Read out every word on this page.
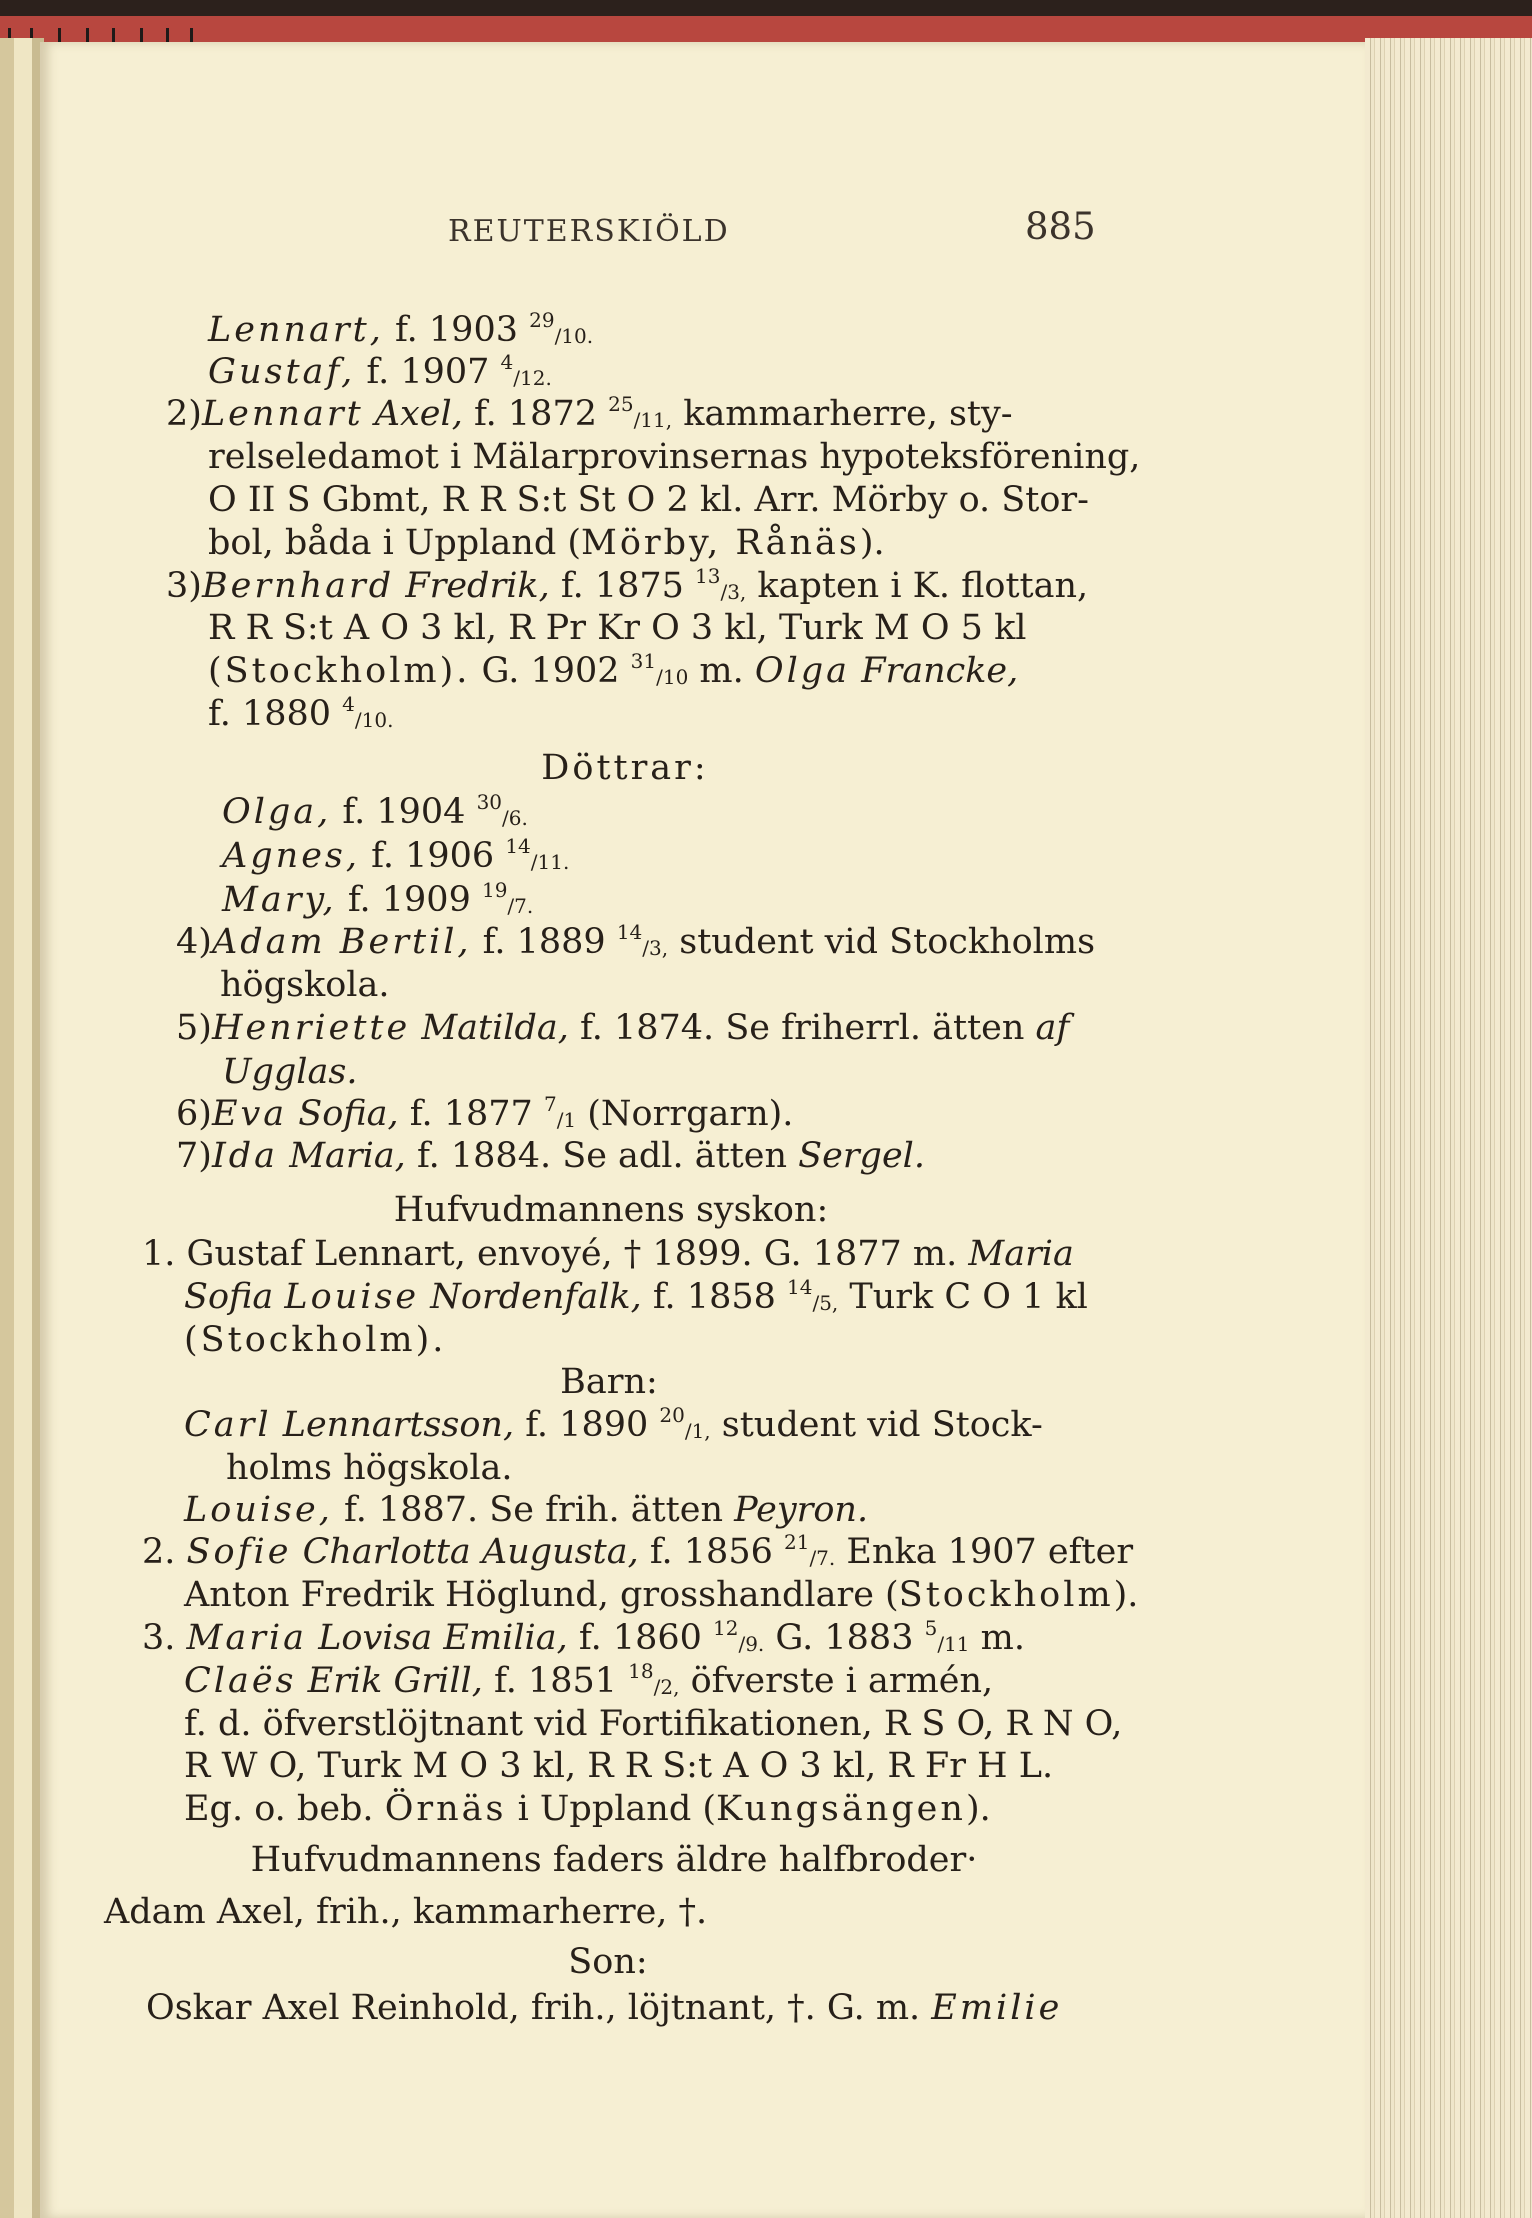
REUTERSKIÖLD	885
Lennart, f. 1903 $^{29}_{/10.}$
Gustaf, f. 1907 $^4_{/12.}$
2)Lennart Axel, f. 1872 $^{25}_{/11,}$ kammarherre, sty-
relseledamot i Mälarprovinsernas hypoteksförening,
O II S Gbmt, R R S:t St O 2 kl. Arr. Mörby o. Stor-
bol, båda i Uppland (Mörby, Rånäs).
3)Bernhard Fredrik, f. 1875 $^{13}_{/3,}$ kapten i K. flottan,
R R S:t A O 3 kl, R Pr Kr O 3 kl, Turk M O 5 kl
(Stockholm). G. 1902 $^{31}_{/10}$ m. Olga Francke,
f. 1880 $^4_{/10.}$
Döttrar:
Olga, f. 1904 $^{30}_{/6.}$
Agnes, f. 1906 $^{14}_{/11.}$
Mary, f. 1909 $^{19}_{/7.}$
4)Adam Bertil, f. 1889 $^{14}_{/3,}$ student vid Stockholms
högskola.
5)Henriette Matilda, f. 1874. Se friherrl. ätten af
Ugglas.
6)Eva Sofia, f. 1877 $^7_{/1}$ (Norrgarn).
7)Ida Maria, f. 1884. Se adl. ätten Sergel.
Hufvudmannens syskon:
1. Gustaf Lennart, envoyé, † 1899. G. 1877 m. Maria
Sofia Louise Nordenfalk, f. 1858 $^{14}_{/5,}$ Turk C O 1 kl
(Stockholm).
Barn:
Carl Lennartsson, f. 1890 $^{20}_{/1,}$ student vid Stock-
holms högskola.
Louise, f. 1887. Se frih. ätten Peyron.
2. Sofie Charlotta Augusta, f. 1856 $^{21}_{/7.}$ Enka 1907 efter
Anton Fredrik Höglund, grosshandlare (Stockholm).
3. Maria Lovisa Emilia, f. 1860 $^{12}_{/9.}$ G. 1883 $^5_{/11}$ m.
Claës Erik Grill, f. 1851 $^{18}_{/2,}$ öfverste i armén,
f. d. öfverstlöjtnant vid Fortifikationen, R S O, R N O,
R W O, Turk M O 3 kl, R R S:t A O 3 kl, R Fr H L.
Eg. o. beb. Örnäs i Uppland (Kungsängen).
Hufvudmannens faders äldre halfbroder·
Adam Axel, frih., kammarherre, †.
Son:
Oskar Axel Reinhold, frih., löjtnant, †. G. m. Emilie
